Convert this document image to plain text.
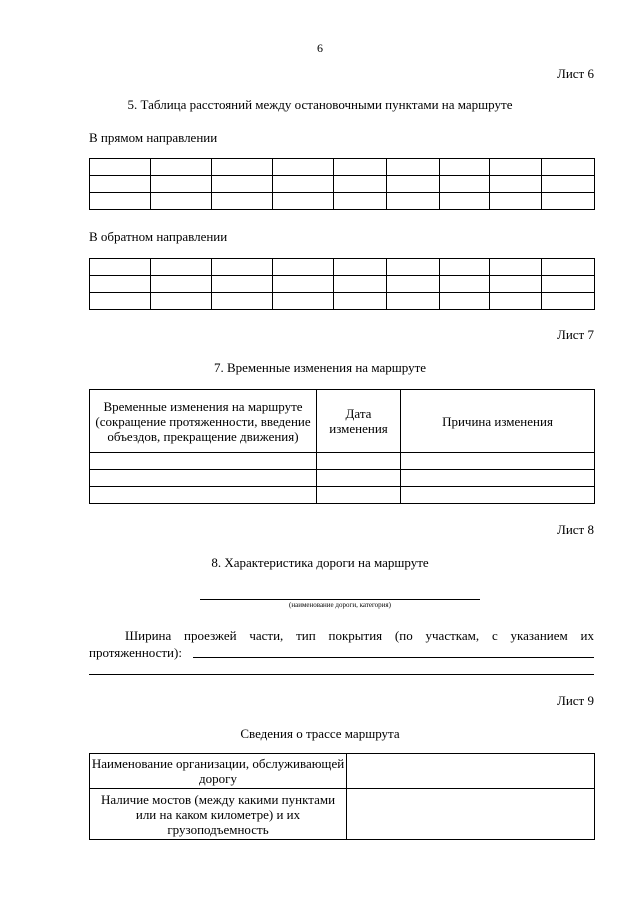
6
Лист 6
5. Таблица расстояний между остановочными пунктами на маршруте
В прямом направлении

В обратном направлении

Лист 7
7. Временные изменения на маршруте
Временные изменения на маршруте (сокращение протяженности, введение объездов, прекращение движения)	Дата изменения	Причина изменения

Лист 8
8. Характеристика дороги на маршруте
(наименование дороги, категория)
Ширина проезжей части, тип покрытия (по участкам, с указанием их протяженности):
Лист 9
Сведения о трассе маршрута
Наименование организации, обслуживающей дорогу	
Наличие мостов (между какими пунктами или на каком километре) и их грузоподъемность	
